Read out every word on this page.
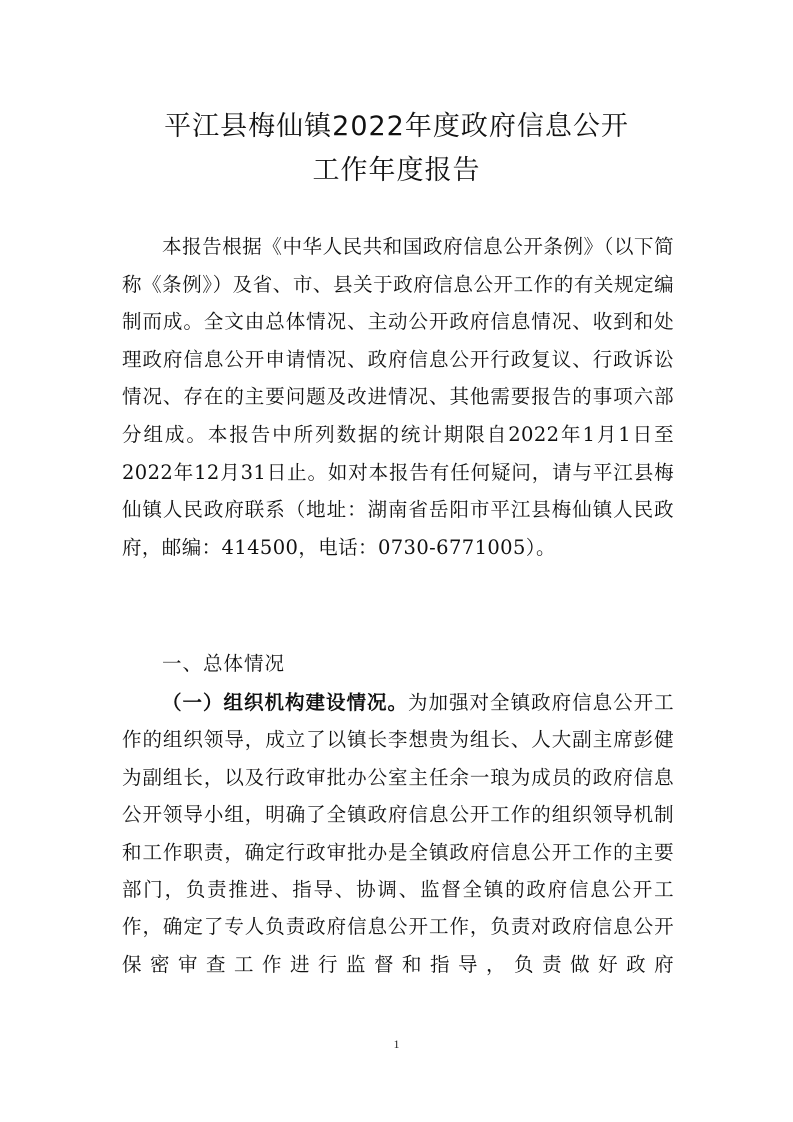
平江县梅仙镇2022年度政府信息公开
工作年度报告

本报告根据《中华人民共和国政府信息公开条例》（以下简称《条例》）及省、市、县关于政府信息公开工作的有关规定编制而成。全文由总体情况、主动公开政府信息情况、收到和处理政府信息公开申请情况、政府信息公开行政复议、行政诉讼情况、存在的主要问题及改进情况、其他需要报告的事项六部分组成。本报告中所列数据的统计期限自2022年1月1日至2022年12月31日止。如对本报告有任何疑问，请与平江县梅仙镇人民政府联系（地址：湖南省岳阳市平江县梅仙镇人民政府，邮编：414500，电话：0730-6771005）。

一、总体情况

（一）组织机构建设情况。为加强对全镇政府信息公开工作的组织领导，成立了以镇长李想贵为组长、人大副主席彭健为副组长，以及行政审批办公室主任余一琅为成员的政府信息公开领导小组，明确了全镇政府信息公开工作的组织领导机制和工作职责，确定行政审批办是全镇政府信息公开工作的主要部门，负责推进、指导、协调、监督全镇的政府信息公开工作，确定了专人负责政府信息公开工作，负责对政府信息公开保密审查工作进行监督和指导，负责做好政府

1
